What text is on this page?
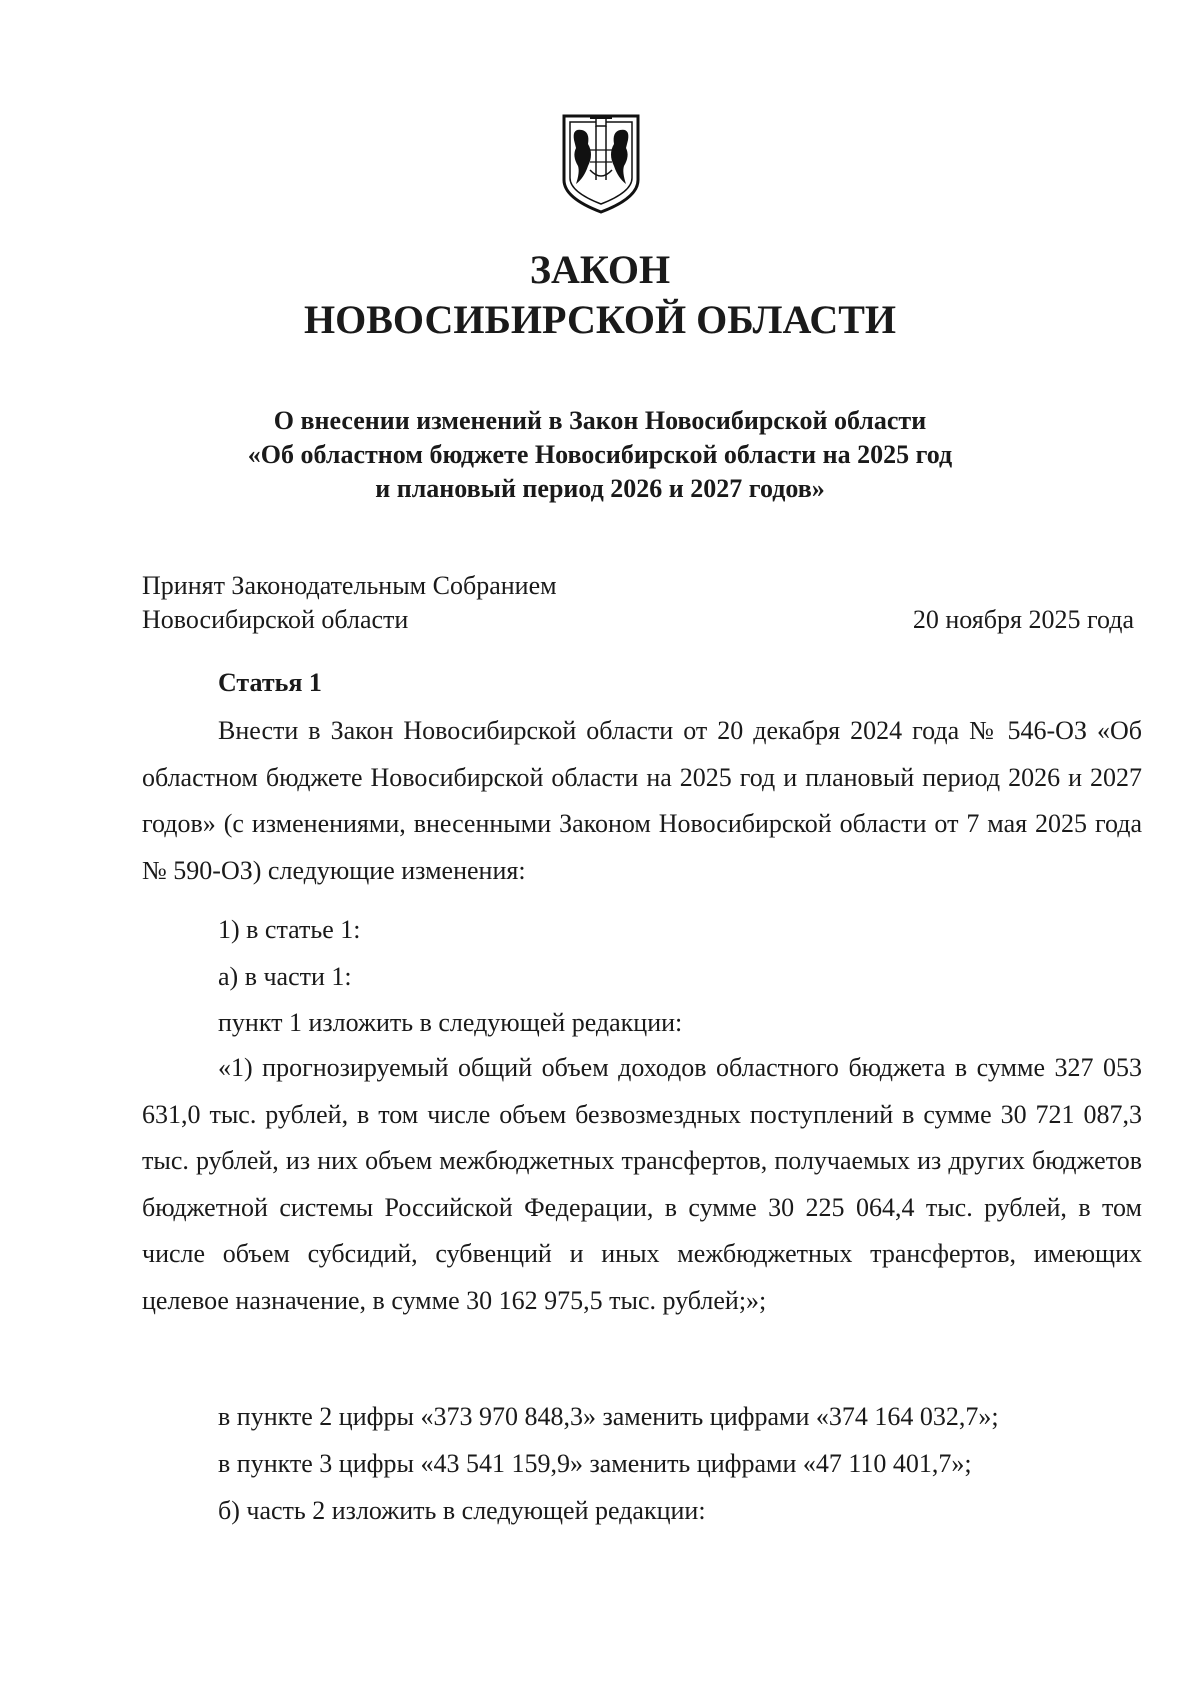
ЗАКОН
НОВОСИБИРСКОЙ ОБЛАСТИ

О внесении изменений в Закон Новосибирской области

«Об областном бюджете Новосибирской области на 2025 год

и плановый период 2026 и 2027 годов»

Принят Законодательным Собранием

Новосибирской области	20 ноября 2025 года

Статья 1

Внести в Закон Новосибирской области от 20 декабря 2024 года № 546-ОЗ «Об областном бюджете Новосибирской области на 2025 год и плановый период 2026 и 2027 годов» (с изменениями, внесенными Законом Новосибирской области от 7 мая 2025 года № 590-ОЗ) следующие изменения:

1) в статье 1:

а) в части 1:

пункт 1 изложить в следующей редакции:

«1) прогнозируемый общий объем доходов областного бюджета в сумме 327 053 631,0 тыс. рублей, в том числе объем безвозмездных поступлений в сумме 30 721 087,3 тыс. рублей, из них объем межбюджетных трансфертов, получаемых из других бюджетов бюджетной системы Российской Федерации, в сумме 30 225 064,4 тыс. рублей, в том числе объем субсидий, субвенций и иных межбюджетных трансфертов, имеющих целевое назначение, в сумме 30 162 975,5 тыс. рублей;»;

в пункте 2 цифры «373 970 848,3» заменить цифрами «374 164 032,7»;

в пункте 3 цифры «43 541 159,9» заменить цифрами «47 110 401,7»;

б) часть 2 изложить в следующей редакции:
